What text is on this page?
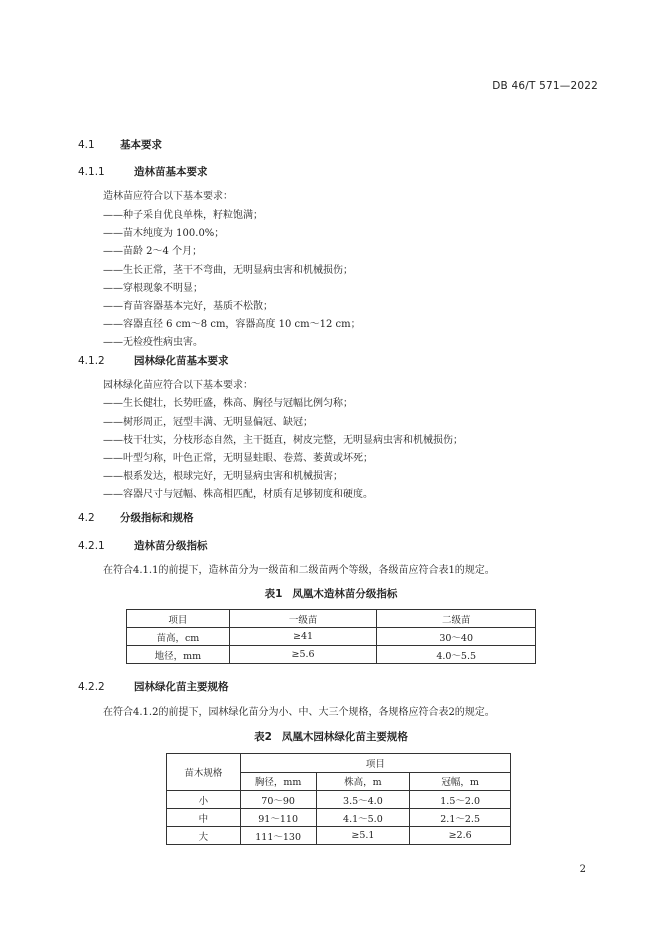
DB 46/T 571—2022
4.1 基本要求
4.1.1	造林苗基本要求
造林苗应符合以下基本要求：
——种子采自优良单株，籽粒饱满；
——苗木纯度为 100.0%；
——苗龄 2～4 个月；
——生长正常，茎干不弯曲，无明显病虫害和机械损伤；
——穿根现象不明显；
——育苗容器基本完好，基质不松散；
——容器直径 6 cm～8 cm，容器高度 10 cm～12 cm；
——无检疫性病虫害。
4.1.2	园林绿化苗基本要求
园林绿化苗应符合以下基本要求：
——生长健壮，长势旺盛，株高、胸径与冠幅比例匀称；
——树形周正，冠型丰满、无明显偏冠、缺冠；
——枝干壮实，分枝形态自然，主干挺直，树皮完整，无明显病虫害和机械损伤；
——叶型匀称，叶色正常，无明显蛀眼、卷蔫、萎黄或坏死；
——根系发达，根球完好，无明显病虫害和机械损害；
——容器尺寸与冠幅、株高相匹配，材质有足够韧度和硬度。
4.2 分级指标和规格
4.2.1	造林苗分级指标
在符合4.1.1的前提下，造林苗分为一级苗和二级苗两个等级，各级苗应符合表1的规定。
表1 凤凰木造林苗分级指标
项目	一级苗	二级苗
苗高，cm	≥41	30～40
地径，mm	≥5.6	4.0～5.5
4.2.2	园林绿化苗主要规格
在符合4.1.2的前提下，园林绿化苗分为小、中、大三个规格，各规格应符合表2的规定。
表2 凤凰木园林绿化苗主要规格
苗木规格	项目		
	胸径，mm	株高，m	冠幅，m
小	70～90	3.5～4.0	1.5～2.0
中	91～110	4.1～5.0	2.1～2.5
大	111～130	≥5.1	≥2.6
2
